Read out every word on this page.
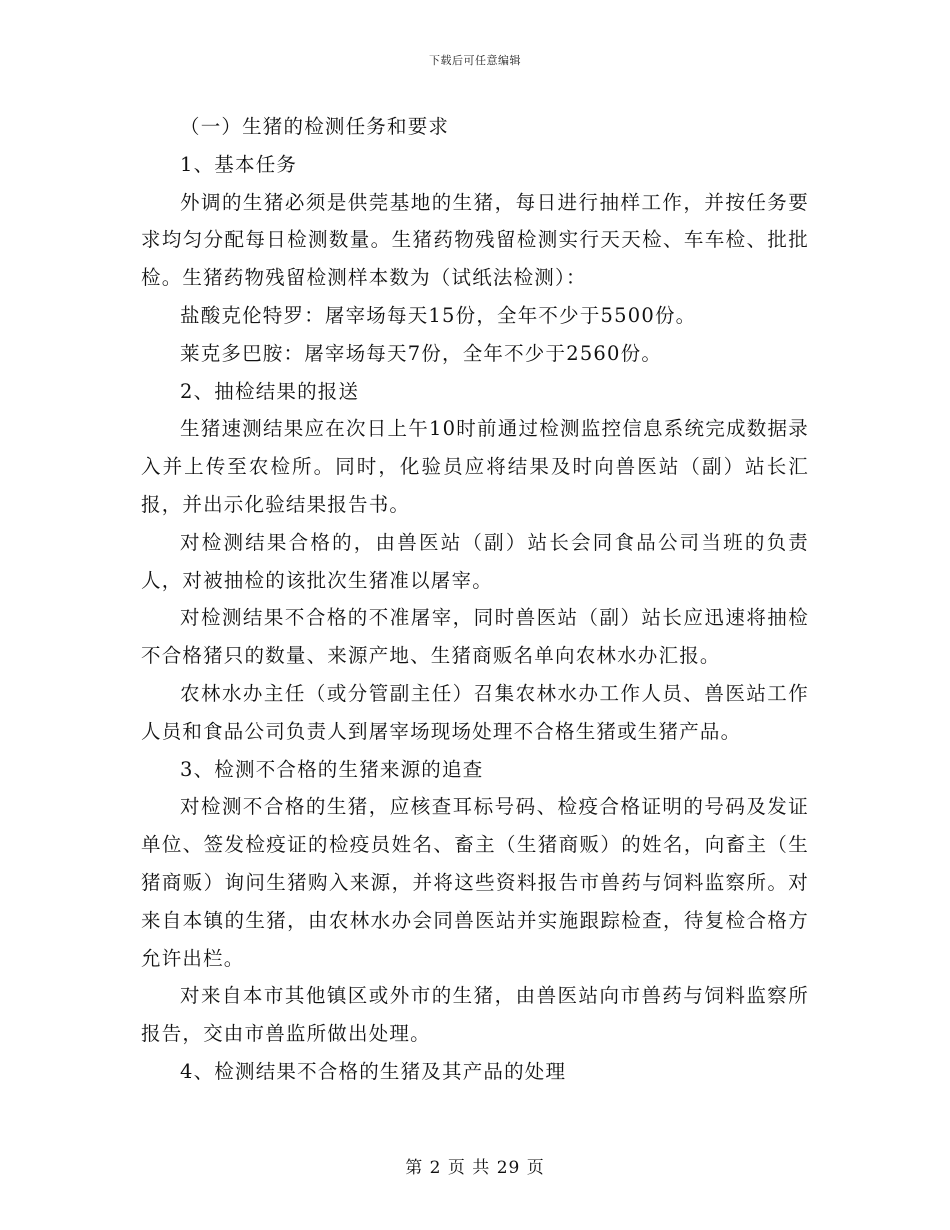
下载后可任意编辑

（一）生猪的检测任务和要求

1、基本任务

外调的生猪必须是供莞基地的生猪，每日进行抽样工作，并按任务要求均匀分配每日检测数量。生猪药物残留检测实行天天检、车车检、批批检。生猪药物残留检测样本数为（试纸法检测）：

盐酸克伦特罗：屠宰场每天15份，全年不少于5500份。

莱克多巴胺：屠宰场每天7份，全年不少于2560份。

2、抽检结果的报送

生猪速测结果应在次日上午10时前通过检测监控信息系统完成数据录入并上传至农检所。同时，化验员应将结果及时向兽医站（副）站长汇报，并出示化验结果报告书。

对检测结果合格的，由兽医站（副）站长会同食品公司当班的负责人，对被抽检的该批次生猪准以屠宰。

对检测结果不合格的不准屠宰，同时兽医站（副）站长应迅速将抽检不合格猪只的数量、来源产地、生猪商贩名单向农林水办汇报。

农林水办主任（或分管副主任）召集农林水办工作人员、兽医站工作人员和食品公司负责人到屠宰场现场处理不合格生猪或生猪产品。

3、检测不合格的生猪来源的追查

对检测不合格的生猪，应核查耳标号码、检疫合格证明的号码及发证单位、签发检疫证的检疫员姓名、畜主（生猪商贩）的姓名，向畜主（生猪商贩）询问生猪购入来源，并将这些资料报告市兽药与饲料监察所。对来自本镇的生猪，由农林水办会同兽医站并实施跟踪检查，待复检合格方允许出栏。

对来自本市其他镇区或外市的生猪，由兽医站向市兽药与饲料监察所报告，交由市兽监所做出处理。

4、检测结果不合格的生猪及其产品的处理

第 2 页 共 29 页
